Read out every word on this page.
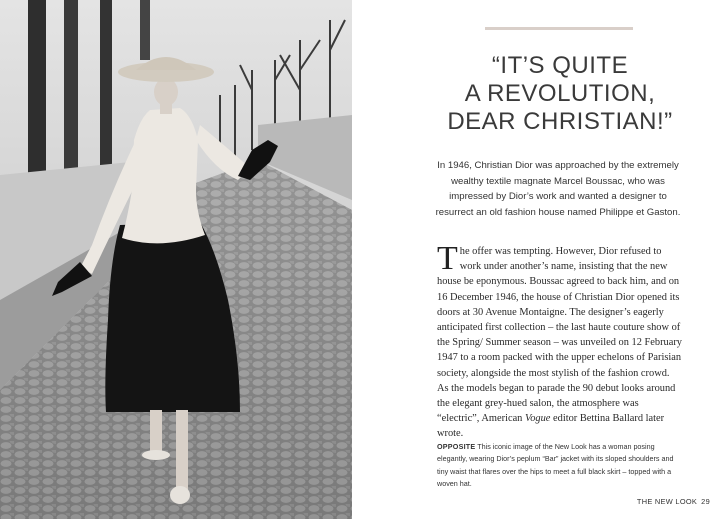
“IT’S QUITE
A REVOLUTION,
DEAR CHRISTIAN!”

In 1946, Christian Dior was approached by the extremely wealthy textile magnate Marcel Boussac, who was impressed by Dior’s work and wanted a designer to resurrect an old fashion house named Philippe et Gaston.

The offer was tempting. However, Dior refused to work under another’s name, insisting that the new house be eponymous. Boussac agreed to back him, and on 16 December 1946, the house of Christian Dior opened its doors at 30 Avenue Montaigne. The designer’s eagerly anticipated first collection – the last haute couture show of the Spring/ Summer season – was unveiled on 12 February 1947 to a room packed with the upper echelons of Parisian society, alongside the most stylish of the fashion crowd. As the models began to parade the 90 debut looks around the elegant grey-hued salon, the atmosphere was “electric”, American Vogue editor Bettina Ballard later wrote.
OPPOSITE This iconic image of the New Look has a woman posing elegantly, wearing Dior’s peplum “Bar” jacket with its sloped shoulders and tiny waist that flares over the hips to meet a full black skirt – topped with a woven hat.
THE NEW LOOK 29
